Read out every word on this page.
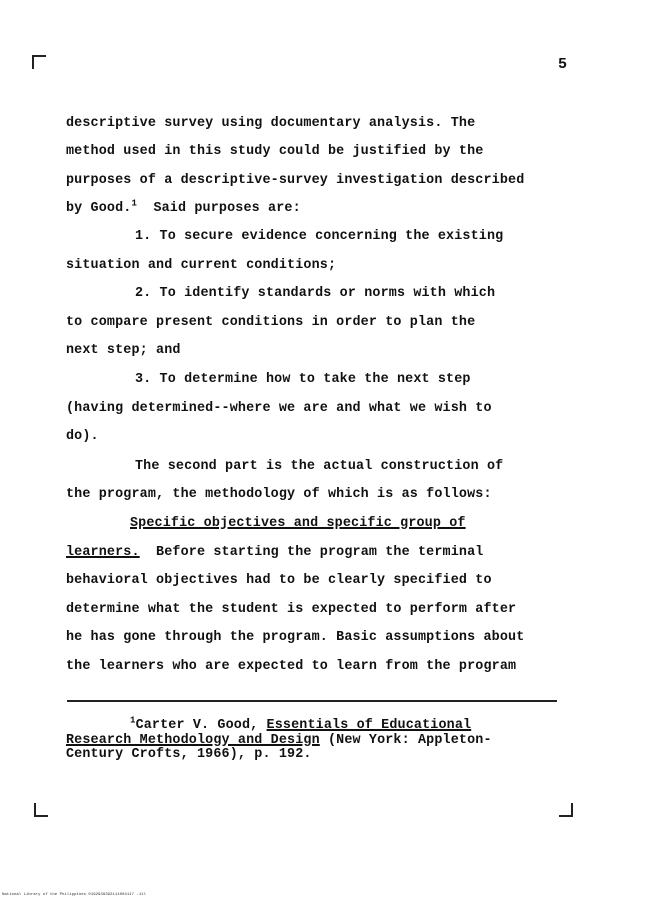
5
descriptive survey using documentary analysis. The
method used in this study could be justified by the
purposes of a descriptive-survey investigation described
by Good.$^1$ Said purposes are:
1. To secure evidence concerning the existing
situation and current conditions;
2. To identify standards or norms with which
to compare present conditions in order to plan the
next step; and
3. To determine how to take the next step
(having determined--where we are and what we wish to
do).
The second part is the actual construction of
the program, the methodology of which is as follows:
Specific objectives and specific group of
learners. Before starting the program the terminal
behavioral objectives had to be clearly specified to
determine what the student is expected to perform after
he has gone through the program. Basic assumptions about
the learners who are expected to learn from the program
$^1$Carter V. Good, Essentials of Educational
Research Methodology and Design (New York: Appleton-
Century Crofts, 1966), p. 192.
National Library of the Philippines 0192939392111004117 -11l
